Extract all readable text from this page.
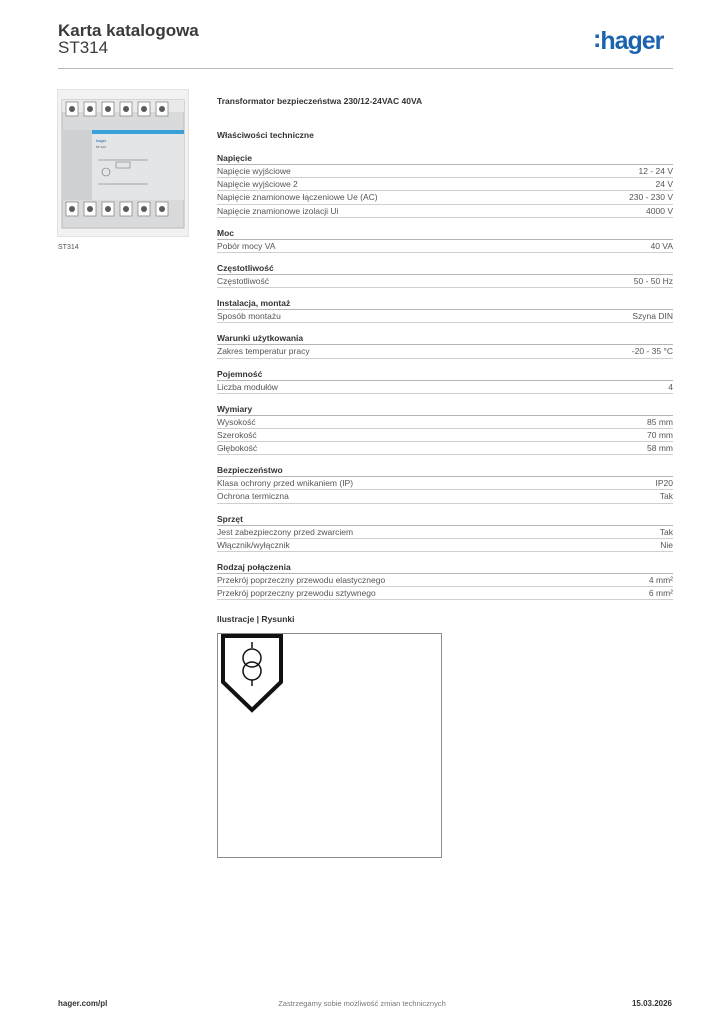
Karta katalogowa
ST314	:hager
hager
ST 314
ST314
Transformator bezpieczeństwa 230/12-24VAC 40VA
Właściwości techniczne
Napięcie
Napięcie wyjściowe	12 - 24 V
Napięcie wyjściowe 2	24 V
Napięcie znamionowe łączeniowe Ue (AC)	230 - 230 V
Napięcie znamionowe izolacji Ui	4000 V
Moc
Pobór mocy VA	40 VA
Częstotliwość
Częstotliwość	50 - 50 Hz
Instalacja, montaż
Sposób montażu	Szyna DIN
Warunki użytkowania
Zakres temperatur pracy	-20 - 35 °C
Pojemność
Liczba modułów	4
Wymiary
Wysokość	85 mm
Szerokość	70 mm
Głębokość	58 mm
Bezpieczeństwo
Klasa ochrony przed wnikaniem (IP)	IP20
Ochrona termiczna	Tak
Sprzęt
Jest zabezpieczony przed zwarciem	Tak
Włącznik/wyłącznik	Nie
Rodzaj połączenia
Przekrój poprzeczny przewodu elastycznego	4 mm²
Przekrój poprzeczny przewodu sztywnego	6 mm²
Ilustracje | Rysunki
hager.com/pl	Zastrzegamy sobie możliwość zmian technicznych	15.03.2026
